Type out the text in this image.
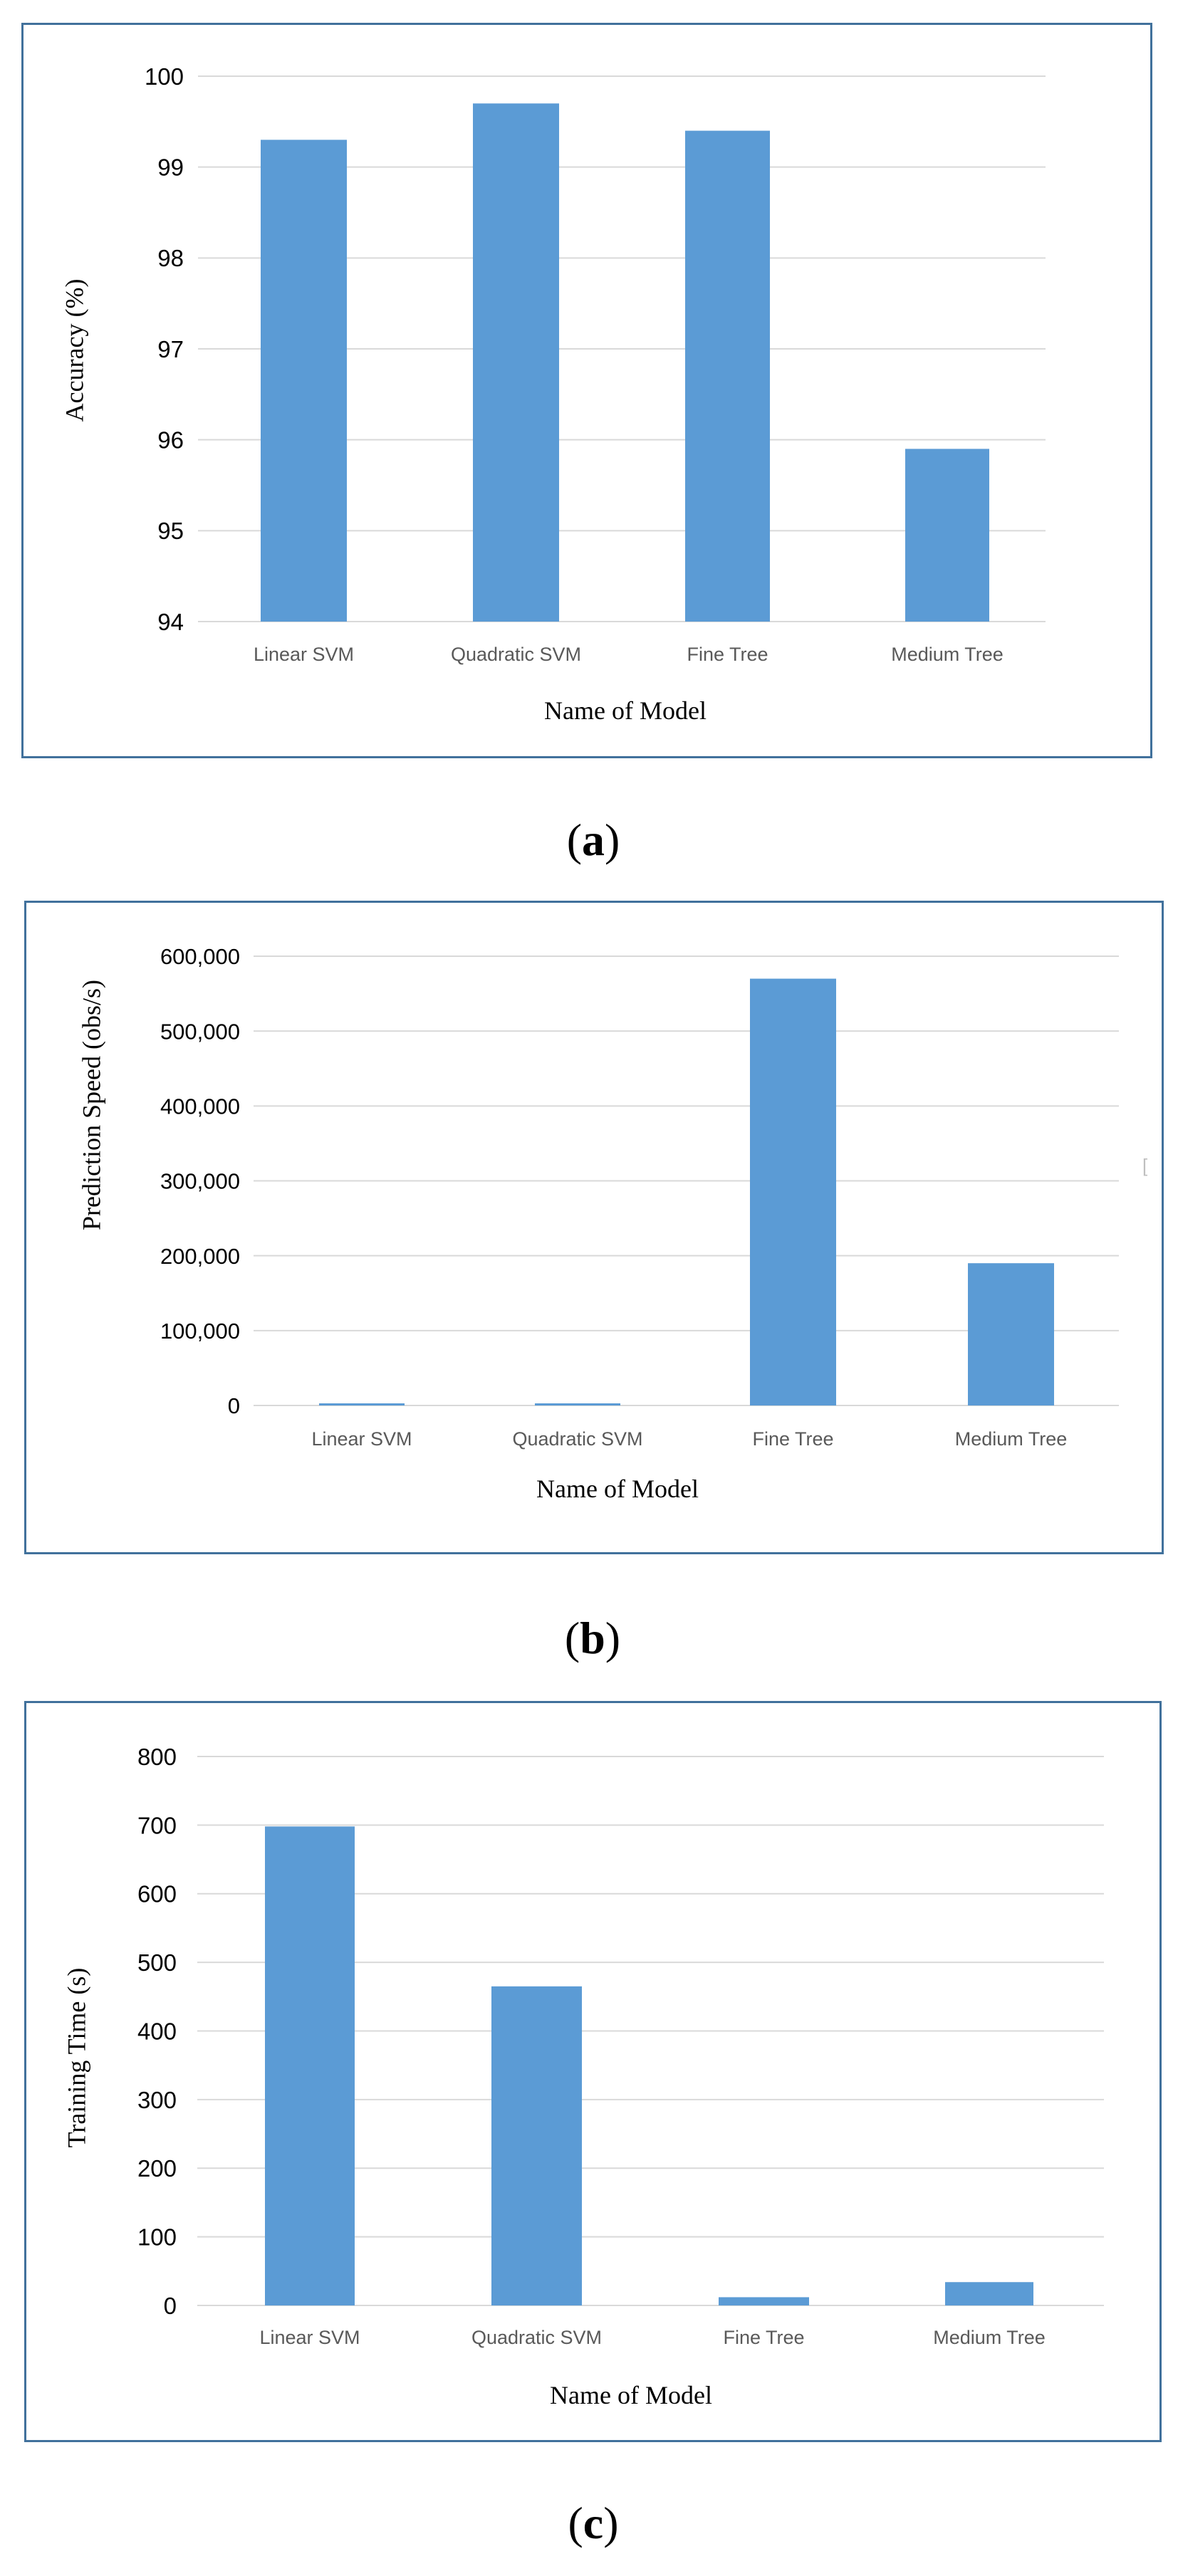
94
95
96
97
98
99
100
Linear SVM	Quadratic SVM	Fine Tree	Medium Tree
Name of Model
Accuracy (%)
0
100,000
200,000
300,000
400,000
500,000
600,000
Linear SVM	Quadratic SVM	Fine Tree	Medium Tree
Name of Model
Prediction Speed (obs/s)
0
100
200
300
400
500
600
700
800
Linear SVM	Quadratic SVM	Fine Tree	Medium Tree
Name of Model
Training Time (s)
(a)
(b)
(c)
[
